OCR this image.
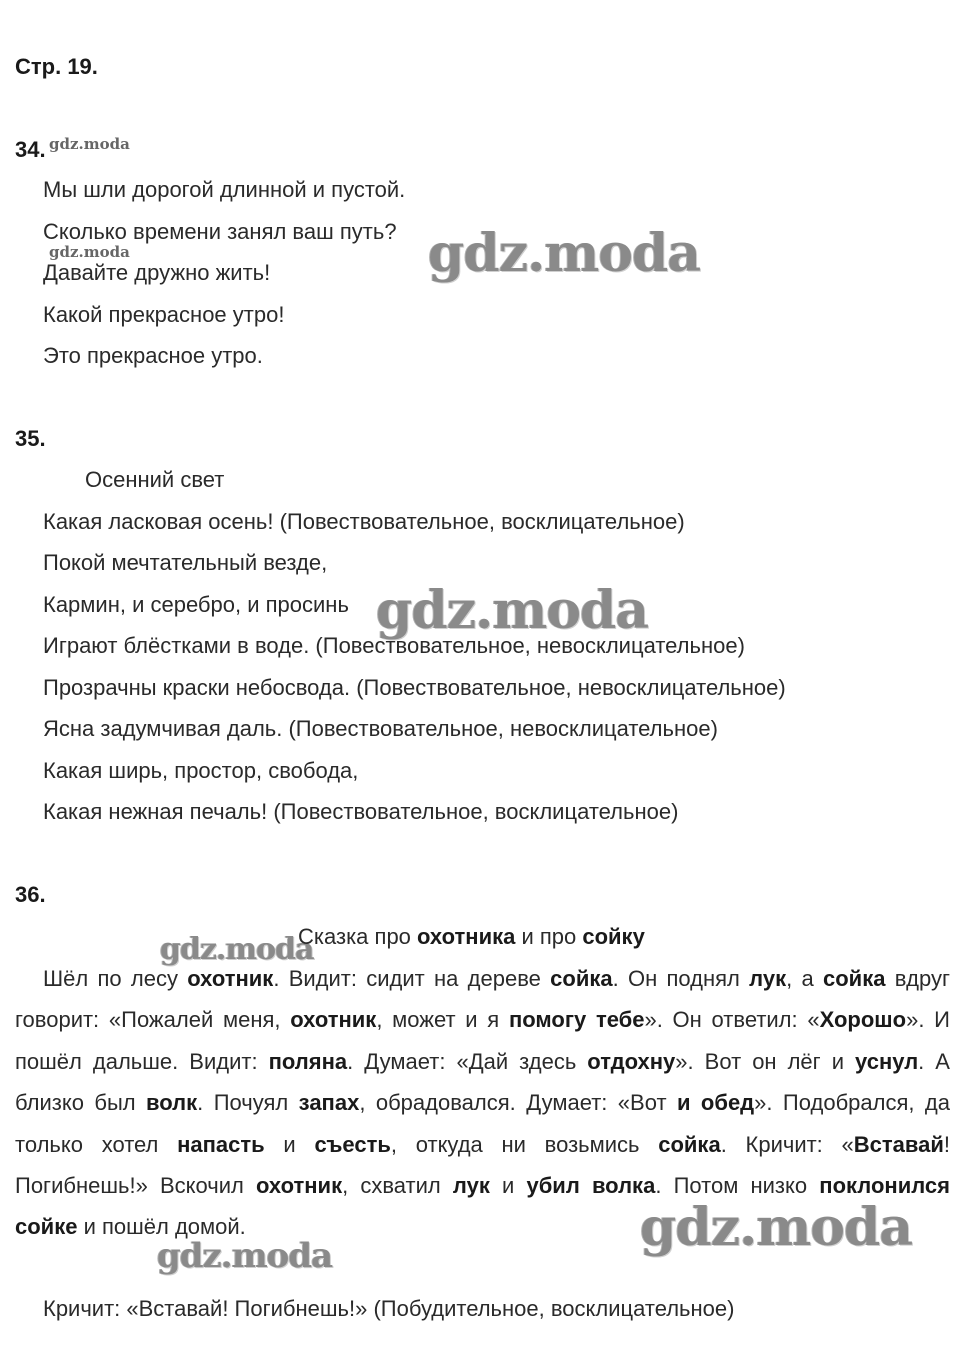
Стр. 19.
34. gdz.moda
Мы шли дорогой длинной и пустой.
Сколько времени занял ваш путь?
gdz.moda
Давайте дружно жить!
Какой прекрасное утро!
Это прекрасное утро.
gdz.moda
35.
Осенний свет
Какая ласковая осень! (Повествовательное, восклицательное)
Покой мечтательный везде,
Кармин, и серебро, и просинь gdz.moda
Играют блёстками в воде. (Повествовательное, невосклицательное)
Прозрачны краски небосвода. (Повествовательное, невосклицательное)
Ясна задумчивая даль. (Повествовательное, невосклицательное)
Какая ширь, простор, свобода,
Какая нежная печаль! (Повествовательное, восклицательное)
36.
gdz.moda
Сказка про охотника и про сойку
Шёл по лесу охотник. Видит: сидит на дереве сойка. Он поднял лук, а сойка вдруг говорит: «Пожалей меня, охотник, может и я помогу тебе». Он ответил: «Хорошо». И пошёл дальше. Видит: поляна. Думает: «Дай здесь отдохну». Вот он лёг и уснул. А близко был волк. Почуял запах, обрадовался. Думает: «Вот и обед». Подобрался, да только хотел напасть и съесть, откуда ни возьмись сойка. Кричит: «Вставай! Погибнешь!» Вскочил охотник, схватил лук и убил волка. Потом низко поклонился сойке и пошёл домой.	gdz.moda
gdz.moda
Кричит: «Вставай! Погибнешь!» (Побудительное, восклицательное)
